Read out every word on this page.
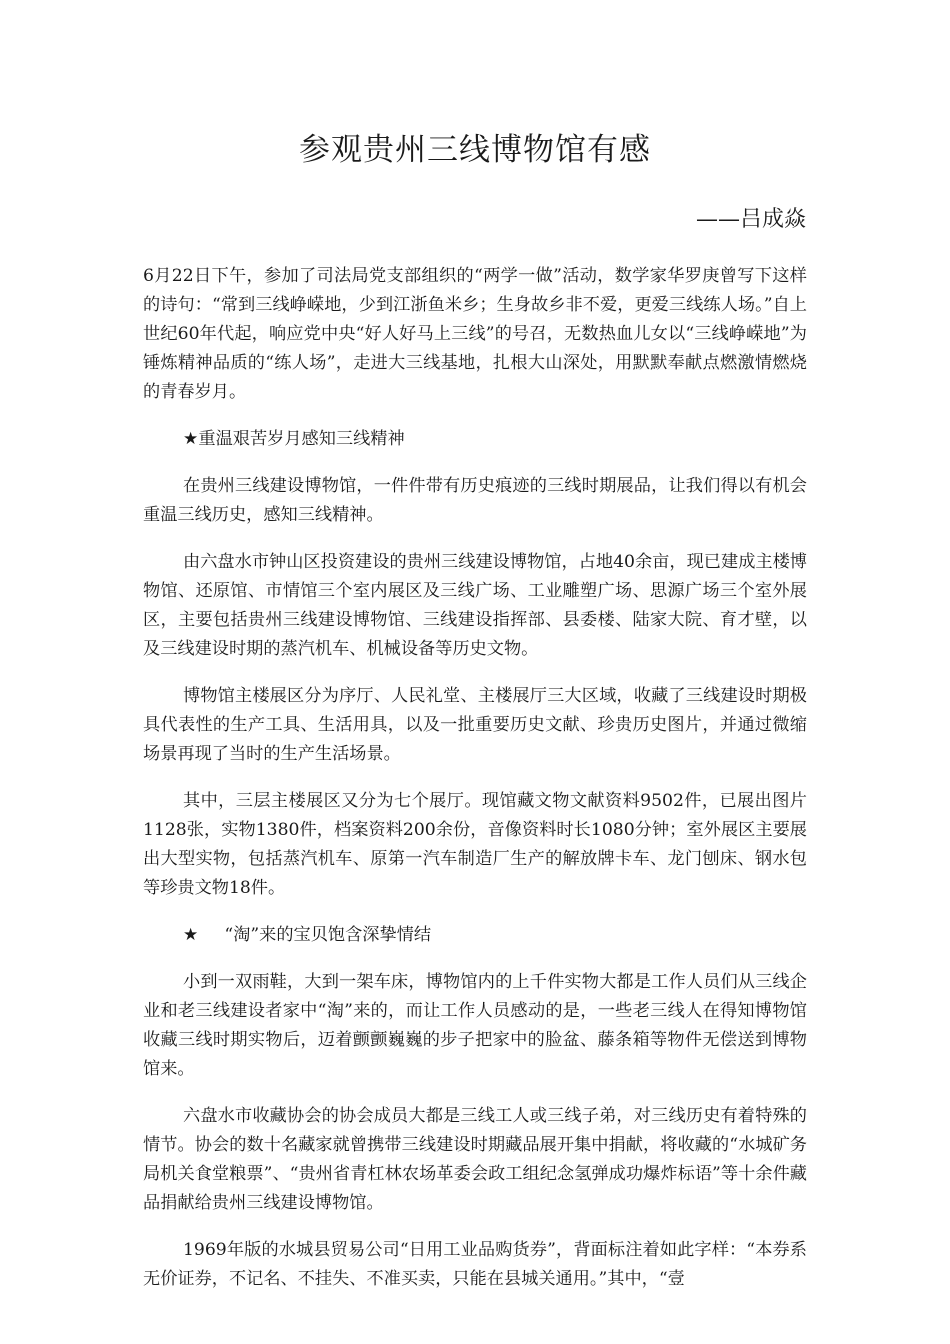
参观贵州三线博物馆有感

——吕成焱

6月22日下午，参加了司法局党支部组织的“两学一做”活动，数学家华罗庚曾写下这样的诗句：“常到三线峥嵘地，少到江浙鱼米乡；生身故乡非不爱，更爱三线练人场。”自上世纪60年代起，响应党中央“好人好马上三线”的号召，无数热血儿女以“三线峥嵘地”为锤炼精神品质的“练人场”，走进大三线基地，扎根大山深处，用默默奉献点燃激情燃烧的青春岁月。

★重温艰苦岁月感知三线精神

在贵州三线建设博物馆，一件件带有历史痕迹的三线时期展品，让我们得以有机会重温三线历史，感知三线精神。

由六盘水市钟山区投资建设的贵州三线建设博物馆，占地40余亩，现已建成主楼博物馆、还原馆、市情馆三个室内展区及三线广场、工业雕塑广场、思源广场三个室外展区，主要包括贵州三线建设博物馆、三线建设指挥部、县委楼、陆家大院、育才壁，以及三线建设时期的蒸汽机车、机械设备等历史文物。

博物馆主楼展区分为序厅、人民礼堂、主楼展厅三大区域，收藏了三线建设时期极具代表性的生产工具、生活用具，以及一批重要历史文献、珍贵历史图片，并通过微缩场景再现了当时的生产生活场景。

其中，三层主楼展区又分为七个展厅。现馆藏文物文献资料9502件，已展出图片1128张，实物1380件，档案资料200余份，音像资料时长1080分钟；室外展区主要展出大型实物，包括蒸汽机车、原第一汽车制造厂生产的解放牌卡车、龙门刨床、钢水包等珍贵文物18件。

★ “淘”来的宝贝饱含深挚情结

小到一双雨鞋，大到一架车床，博物馆内的上千件实物大都是工作人员们从三线企业和老三线建设者家中“淘”来的，而让工作人员感动的是，一些老三线人在得知博物馆收藏三线时期实物后，迈着颤颤巍巍的步子把家中的脸盆、藤条箱等物件无偿送到博物馆来。

六盘水市收藏协会的协会成员大都是三线工人或三线子弟，对三线历史有着特殊的情节。协会的数十名藏家就曾携带三线建设时期藏品展开集中捐献，将收藏的“水城矿务局机关食堂粮票”、“贵州省青杠林农场革委会政工组纪念氢弹成功爆炸标语”等十余件藏品捐献给贵州三线建设博物馆。

1969年版的水城县贸易公司“日用工业品购货券”，背面标注着如此字样：“本券系无价证券，不记名、不挂失、不准买卖，只能在县城关通用。”其中，“壹
